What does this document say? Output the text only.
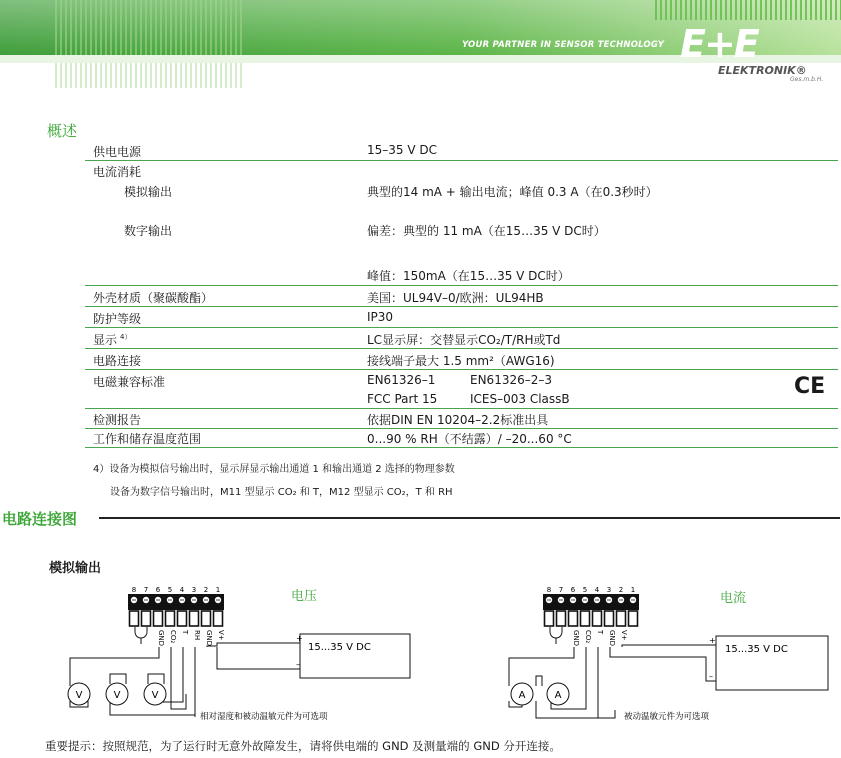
YOUR PARTNER IN SENSOR TECHNOLOGY E+E
ELEKTRONIK®
Ges.m.b.H.
概述
供电电源	15–35 V DC
电流消耗
模拟输出	典型的14 mA + 输出电流；峰值 0.3 A（在0.3秒时）
数字输出	偏差：典型的 11 mA（在15…35 V DC时）
峰值：150mA（在15…35 V DC时）
外壳材质（聚碳酸酯）	美国：UL94V–0/欧洲：UL94HB
防护等级	IP30
显示 $^{4)}$	LC显示屏：交替显示CO₂/T/RH或Td
电路连接	接线端子最大 1.5 mm²（AWG16)
电磁兼容标准	EN61326–1	EN61326–2–3
FCC Part 15	ICES–003 ClassB	CE
检测报告	依据DIN EN 10204–2.2标准出具
工作和储存温度范围	0...90 % RH（不结露）/ –20...60 °C
4）设备为模拟信号输出时，显示屏显示输出通道 1 和输出通道 2 选择的物理参数
设备为数字信号输出时，M11 型显示 CO₂ 和 T，M12 型显示 CO₂，T 和 RH
电路连接图
模拟输出
电压	电流
8 7 6 5 4 3 2 1
GND CO₂ T RH GND V+
V	V	V
+
–
15...35 V DC
相对湿度和被动温敏元件为可选项
8 7 6 5 4 3 2 1
GND CO₂ T GND V+
A	A
+
–
15...35 V DC
被动温敏元件为可选项
重要提示：按照规范，为了运行时无意外故障发生，请将供电端的 GND 及测量端的 GND 分开连接。
